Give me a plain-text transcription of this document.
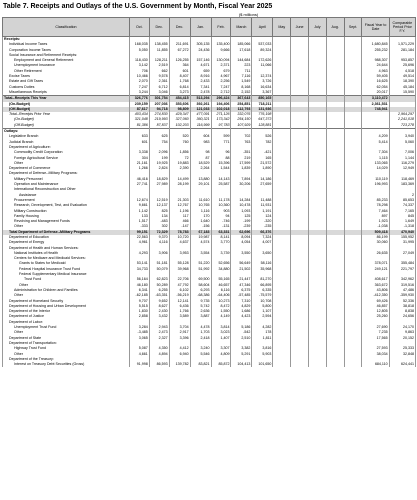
Table 7. Receipts and Outlays of the U.S. Government by Month, Fiscal Year 2025
($ millions)
Classification	Oct.	Dec.	Dec.	Jan.	Feb.	March	April	May	June	July	Aug.	Sept.	Fiscal Year to Date	Comparable Period Prior F.Y.
Receipts:														
Individual Income Taxes	168,035	138,455	211,691	305,135	135,400	185,066	537,033						1,680,845	1,571,229
Corporation Income Taxes	5,050	11,855	67,272	24,436	9,666	17,618	89,324						255,232	281,184
Social Insurance and Retirement Receipts:														
Employment and General Retirement	118,430	128,211	126,255	157,146	130,094	144,684	172,626						988,307	953,857
Unemployment Insurance	3,142	2,519	364	4,671	2,371	223	11,066						24,644	25,696
Other Retirement	706	662	601	659	679	711							4,963	4,518
Excise Taxes	10,466	9,578	8,407	8,916	4,967	7,116	12,374						59,405	49,514
Estate and Gift Taxes	2,070	2,361	1,768	2,433	2,256	1,549	3,726						16,625	18,390
Customs Duties	7,247	6,712	6,814	7,341	7,247	8,168	16,634						62,054	45,184
Miscellaneous Receipts	3,244	3,046	3,273	2,478	2,712	2,152	3,367						20,017	15,590
Total--Receipts This Year	326,776	301,754	454,415	513,294	296,424	367,643	850,165						3,110,472	
(On-Budget)	239,159	207,036	353,606	392,261	194,406	254,851	718,211						2,361,531	
(Off-Budget)	87,617	94,718	98,809	121,033	102,018	112,793	131,936						748,941	
Total--Receipts Prior Year	403,434	274,830	429,347	477,091	271,126	332,076	776,198							2,964,297
(On-Budget)	321,048	219,993	327,060	360,321	173,342	254,150	647,373							2,241,018
(Off-Budget)	81,386	87,837	102,203	116,999	97,783	107,929	128,881							723,278
Outlays:														
Legislative Branch	633	625	520	604	599	702	526						4,209	3,940
Judicial Branch	601	754	760	983	771	763	782						5,414	5,060
Department of Agriculture:														
Commodity Credit Corporation	3,338	2,096	1,856	98	96	-351	-421						7,304	7,006
Foreign Agricultural Service	304	199	72	87	88	219	165						1,115	1,144
Other	21,161	19,925	19,883	18,529	15,396	17,599	21,572						133,065	116,279
Department of Commerce	1,266	2,824	2,390	2,264	1,544	1,839	1,890						14,029	12,949
Department of Defense--Military Programs:														
Military Personnel	46,416	18,829	14,499	13,880	14,143	7,894	14,186						110,119	118,469
Operation and Maintenance	27,741	27,989	28,199	29,101	25,587	30,206	27,659						196,993	183,369
International Reconstruction and Other														
Assistance														2
Procurement	12,674	12,519	21,303	11,610	11,178	14,284	11,488						85,233	85,653
Research, Development, Test, and Evaluation	9,661	12,137	12,767	10,765	10,360	10,478	11,931						78,298	74,337
Military Construction	1,142	825	1,196	1,116	903	1,093	1,191						7,464	7,165
Family Housing	133	134	117	170	94	125	124						897	845
Revolving and Management Funds	1,517	-483	466	1,640	-746	-199	-320						1,923	1,649
Other	-333	302	-147	-156	-131	-239	-235						-1,038	-1,318
Total Department of Defense--Military Programs	99,151	72,329	78,783	67,183	63,331	62,696	66,376						509,418	470,940
Department of Education	22,563	9,370	10,720	19,987	8,141	8,094	7,324						86,199	155,952
Department of Energy	4,961	4,116	4,637	4,574	3,770	4,054	4,007						30,060	31,995
Department of Health and Human Services:														
National Institutes of Health	4,293	3,906	3,953	3,554	3,739	3,550	3,650						26,635	27,049
Centers for Medicare and Medicaid Services:														
Grants to States for Medicaid	53,141	51,181	55,128	51,220	52,656	56,649	58,116						378,071	355,484
Federal Hospital Insurance Trust Fund	34,733	50,079	39,968	51,992	34,880	21,502	35,968						249,121	221,797
Federal Supplementary Medical Insurance														
Trust Fund	56,164	62,823	22,706	69,500	55,165	21,447	81,270						408,617	342,962
Other	46,180	50,289	47,792	58,604	46,657	47,346	66,895						363,672	319,516
Administration for Children and Families	6,341	6,255	6,102	6,293	6,116	6,375	6,335						43,806	47,486
Other	-62,185	-63,351	-56,219	-68,386	-64,406	-57,485	-75,579						-412,350	-359,930
Department of Homeland Security	9,707	9,652	12,141	9,735	10,273	7,310	10,708						69,426	52,336
Department of Housing and Urban Development	5,515	8,627	6,436	5,742	8,472	4,829	5,800						46,857	38,818
Department of the Interior	1,830	2,430	1,766	2,636	1,550	1,686	1,107						12,805	8,838
Department of Justice	2,858	3,432	3,589	3,887	4,149	4,423	2,594						25,260	24,656
Department of Labor:														
Unemployment Trust Fund	3,284	2,943	3,704	4,478	3,814	5,186	4,282						27,690	24,170
Other	-3,485	2,473	2,917	1,703	3,023	-542	178						7,235	9,863
Department of State	3,065	2,327	3,396	2,418	1,407	2,510	1,811						17,565	20,152
Department of Transportation:														
Highway Trust Fund	5,087	4,350	4,412	3,240	3,307	3,382	3,816						27,593	25,333
Other	4,661	4,894	6,940	5,546	4,809	5,291	5,903						38,034	32,848
Department of the Treasury:														
Interest on Treasury Debt Securities (Gross)	91,998	86,593	139,782	83,821	85,872	104,413	101,650						684,110	624,441
